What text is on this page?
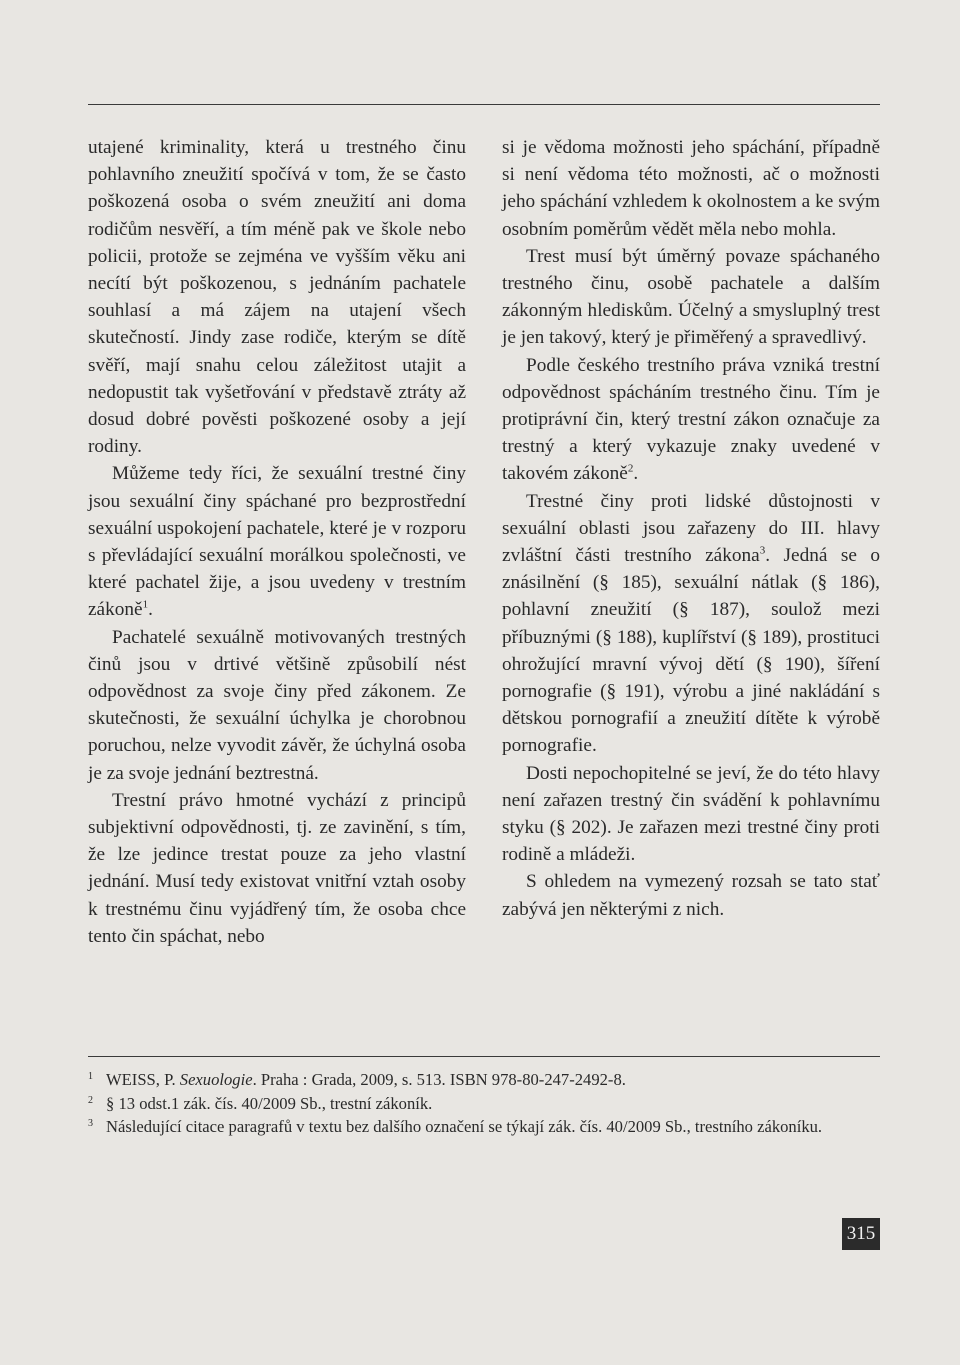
utajené kriminality, která u trestného činu pohlavního zneužití spočívá v tom, že se často poškozená osoba o svém zneužití ani doma rodičům nesvěří, a tím méně pak ve škole nebo policii, protože se zejména ve vyšším věku ani necítí být poškozenou, s jednáním pachatele souhlasí a má zájem na utajení všech skutečností. Jindy zase rodiče, kterým se dítě svěří, mají snahu celou záležitost utajit a nedopustit tak vyšetřování v představě ztráty až dosud dobré pověsti poškozené osoby a její rodiny.

Můžeme tedy říci, že sexuální trestné činy jsou sexuální činy spáchané pro bezprostřední sexuální uspokojení pachatele, které je v rozporu s převládající sexuální morálkou společnosti, ve které pachatel žije, a jsou uvedeny v trestním zákoně$^1$.

Pachatelé sexuálně motivovaných trestných činů jsou v drtivé většině způsobilí nést odpovědnost za svoje činy před zákonem. Ze skutečnosti, že sexuální úchylka je chorobnou poruchou, nelze vyvodit závěr, že úchylná osoba je za svoje jednání beztrestná.

Trestní právo hmotné vychází z principů subjektivní odpovědnosti, tj. ze zavinění, s tím, že lze jedince trestat pouze za jeho vlastní jednání. Musí tedy existovat vnitřní vztah osoby k trestnému činu vyjádřený tím, že osoba chce tento čin spáchat, nebo

si je vědoma možnosti jeho spáchání, případně si není vědoma této možnosti, ač o možnosti jeho spáchání vzhledem k okolnostem a ke svým osobním poměrům vědět měla nebo mohla.

Trest musí být úměrný povaze spáchaného trestného činu, osobě pachatele a dalším zákonným hlediskům. Účelný a smysluplný trest je jen takový, který je přiměřený a spravedlivý.

Podle českého trestního práva vzniká trestní odpovědnost spácháním trestného činu. Tím je protiprávní čin, který trestní zákon označuje za trestný a který vykazuje znaky uvedené v takovém zákoně$^2$.

Trestné činy proti lidské důstojnosti v sexuální oblasti jsou zařazeny do III. hlavy zvláštní části trestního zákona$^3$. Jedná se o znásilnění (§ 185), sexuální nátlak (§ 186), pohlavní zneužití (§ 187), soulož mezi příbuznými (§ 188), kuplířství (§ 189), prostituci ohrožující mravní vývoj dětí (§ 190), šíření pornografie (§ 191), výrobu a jiné nakládání s dětskou pornografií a zneužití dítěte k výrobě pornografie.

Dosti nepochopitelné se jeví, že do této hlavy není zařazen trestný čin svádění k pohlavnímu styku (§ 202). Je zařazen mezi trestné činy proti rodině a mládeži.

S ohledem na vymezený rozsah se tato stať zabývá jen některými z nich.

1 WEISS, P. Sexuologie. Praha : Grada, 2009, s. 513. ISBN 978-80-247-2492-8.
2 § 13 odst.1 zák. čís. 40/2009 Sb., trestní zákoník.
3 Následující citace paragrafů v textu bez dalšího označení se týkají zák. čís. 40/2009 Sb., trestního zákoníku.
315
